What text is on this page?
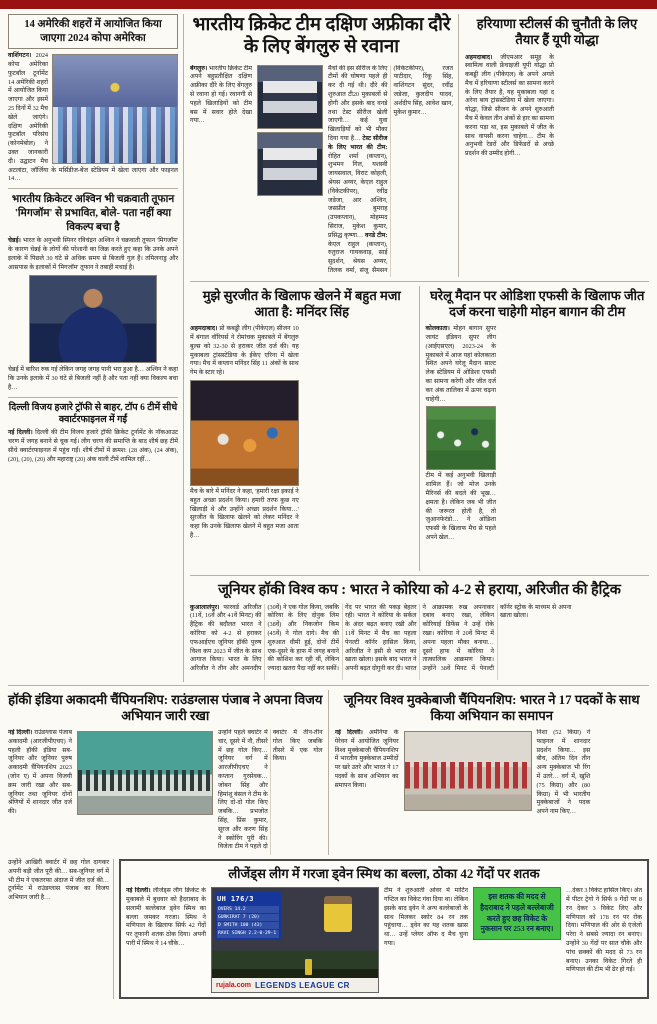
14 अमेरिकी शहरों में आयोजित किया जाएगा 2024 कोपा अमेरिका
वाशिंगटन। 2024 कोपा अमेरिका फुटबॉल टूर्नामेंट 14 अमेरिकी शहरों में आयोजित किया जाएगा और इसमें 25 दिनों में 32 मैच खेले जाएंगे। दक्षिण अमेरिकी फुटबॉल परिसंघ (कोनमेबोल) ने उक्त जानकारी दी। उद्घाटन मैच अटलांटा, जॉर्जिया के मर्सिडीज-बेंज स्टेडियम में खेला जाएगा और फाइनल 14…
भारतीय क्रिकेटर अश्विन भी चक्रवाती तूफान 'मिगजॉम' से प्रभावित, बोले- पता नहीं क्या विकल्प बचा है

चेन्नई। भारत के अनुभवी स्पिनर रविचंद्रन अश्विन ने चक्रवाती तूफान 'मिगजॉम' के कारण चेन्नई के लोगों की परेशानी का जिक्र करते हुए कहा कि उनके अपने इलाके में पिछले 30 घंटे से अधिक समय से बिजली गुल है। तमिलनाडु और आसपास के इलाकों में 'मिगजॉम' तूफान ने तबाही मचाई है।

चेन्नई में बारिश रुक गई लेकिन जगह जगह पानी भरा हुआ है… अश्विन ने कहा कि उनके इलाके में 30 घंटे से बिजली नहीं है और पता नहीं क्या विकल्प बचा है…

दिल्ली विजय हजारे ट्रॉफी से बाहर, टॉप 6 टीमें सीधे क्वार्टरफाइनल में गईं

नई दिल्ली। दिल्ली की टीम विजय हजारे ट्रॉफी क्रिकेट टूर्नामेंट के नॉकआउट चरण में जगह बनाने से चूक गई। लीग चरण की समाप्ति के बाद शीर्ष छह टीमें सीधे क्वार्टरफाइनल में पहुंच गईं। शीर्ष टीमों में क्रमश: (28 अंक), (24 अंक), (20), (20), (20) और महाराष्ट्र (20) अंक वाली टीमें शामिल रहीं…

भारतीय क्रिकेट टीम दक्षिण अफ्रीका दौरे के लिए बेंगलुरु से रवाना

बेंगलुरु। भारतीय क्रिकेट टीम अपने बहुप्रतीक्षित दक्षिण अफ्रीका दौरे के लिए बेंगलुरु से रवाना हो गई। रवानगी से पहले खिलाड़ियों को टीम बस में सवार होते देखा गया…

मैचों की इस सीरीज के लिए टीमों की घोषणा पहले ही कर दी गई थी। दौरे की शुरुआत टी20 मुकाबलों से होगी और इसके बाद वनडे तथा टेस्ट सीरीज खेली जाएगी… कई युवा खिलाड़ियों को भी मौका दिया गया है… टेस्ट सीरीज के लिए भारत की टीम: रोहित शर्मा (कप्तान), शुभमन गिल, यशस्वी जायसवाल, विराट कोहली, श्रेयस अय्यर, केएल राहुल (विकेटकीपर), रवींद्र जडेजा, आर अश्विन, जसप्रीत बुमराह (उपकप्तान), मोहम्मद सिराज, मुकेश कुमार, प्रसिद्ध कृष्णा… वनडे टीम: केएल राहुल (कप्तान), रुतुराज गायकवाड़, साई सुदर्शन, श्रेयस अय्यर, तिलक वर्मा, संजू सैमसन (विकेटकीपर), रजत पाटीदार, रिंकू सिंह, वाशिंगटन सुंदर, रवींद्र जडेजा, कुलदीप यादव, अर्शदीप सिंह, आवेश खान, मुकेश कुमार…
हरियाणा स्टीलर्स की चुनौती के लिए तैयार हैं यूपी योद्धा
अहमदाबाद। जीएमआर समूह के स्वामित्व वाली फ्रेंचाइजी यूपी योद्धा प्रो कबड्डी लीग (पीकेएल) के अपने अगले मैच में हरियाणा स्टीलर्स का सामना करने के लिए तैयार है, यह मुकाबला यहां द अरेना बाय ट्रांसस्टेडिया में खेला जाएगा। योद्धा, जिसे सीजन के अपने शुरुआती मैच में केवल तीन अंकों से हार का सामना करना पड़ा था, इस मुकाबले में जीत के साथ वापसी करना चाहेगा… टीम के अनुभवी रेडरों और डिफेंडरों से अच्छे प्रदर्शन की उम्मीद होगी…
मुझे सुरजीत के खिलाफ खेलने में बहुत मजा आता है: मनिंदर सिंह
अहमदाबाद। प्रो कबड्डी लीग (पीकेएल) सीजन 10 में बंगाल वॉरियर्स ने रोमांचक मुकाबले में बेंगलुरु बुल्स को 32-30 से हराकर जीत दर्ज की। यह मुकाबला ट्रांसस्टेडिया के ईकेए एरिना में खेला गया। मैच में कप्तान मनिंदर सिंह 11 अंकों के साथ गेम के स्टार रहे।
मैच के बारे में मनिंदर ने कहा, 'हमारी रक्षा इकाई ने बहुत अच्छा प्रदर्शन किया। हमारी तरफ कुछ नए खिलाड़ी थे और उन्होंने अच्छा प्रदर्शन किया…' सुरजीत के खिलाफ खेलने को लेकर मनिंदर ने कहा कि उनके खिलाफ खेलने में बहुत मजा आता है…
घरेलू मैदान पर ओडिशा एफसी के खिलाफ जीत दर्ज करना चाहेगी मोहन बागान की टीम
कोलकाता। मोहन बागान सुपर जायंट इंडियन सुपर लीग (आईएसएल) 2023-24 के मुकाबले में आज यहां कोलकाता स्थित अपने घरेलू मैदान साल्ट लेक स्टेडियम में ओडिशा एफसी का सामना करेगी और जीत दर्ज कर अंक तालिका में ऊपर चढ़ना चाहेगी…
टीम में कई अनुभवी खिलाड़ी शामिल हैं। जो मोज उनके मैरिनर्स की बदले की भूख… क्षमता है। लेकिन जब भी जीत की जरूरत होती है, तो जुआनफेरंडो… ने ओडिशा एफसी के खिलाफ मैच से पहले अपने खेल…
जूनियर हॉकी विश्व कप : भारत ने कोरिया को 4-2 से हराया, अरिजीत की हैट्रिक
कुआलालंपुर। फारवर्ड अरिजीत (11वें, 16वें और 41वें मिनट) की हैट्रिक की बदौलत भारत ने कोरिया को 4-2 से हराकर एफआईएच जूनियर हॉकी पुरुष विश्व कप 2023 में जीत के साथ आगाज किया। भारत के लिए अरिजीत ने तीन और अमनदीप (30वें) ने एक गोल किया, जबकि कोरिया के लिए दोनुक लिम (38वें) और निकजोन किम (45वें) ने गोल दागे। मैच की शुरुआत धीमी हुई, दोनों टीमें एक-दूसरे के हाफ में जगह बनाने की कोशिश कर रही थीं, लेकिन ज्यादा खतरा पैदा नहीं कर सकीं। गेंद पर भारत की पकड़ बेहतर रही। भारत ने कोरिया के सर्कल के अंदर बढ़त बनाए रखी और 11वें मिनट में मैच का पहला पेनल्टी कॉर्नर हासिल किया, अरिजीत ने इसी से भारत का खाता खोला। इसके बाद भारत ने अपनी बढ़त दोगुनी कर दी। भारत ने आक्रामक रुख अपनाकर दबाव बनाए रखा, लेकिन कोरियाई डिफेंस ने उन्हें रोके रखा। कोरिया ने 20वें मिनट में अपना पहला मौका बनाया… दूसरे हाफ में कोरिया ने तात्कालिक आक्रमण किया। उन्होंने 38वें मिनट में पेनल्टी कॉर्नर स्ट्रोक के माध्यम से अपना खाता खोला।
हॉकी इंडिया अकादमी चैंपियनशिप: राउंडग्लास पंजाब ने अपना विजय अभियान जारी रखा

नई दिल्ली। राउंडग्लास पंजाब अकादमी (आरजीपीएचए) ने पहली हॉकी इंडिया सब-जूनियर और जूनियर पुरुष अकादमी चैंपियनशिप 2023 (जोन ए) में अपना विजयी क्रम जारी रखा और सब-जूनियर तथा जूनियर दोनों श्रेणियों में शानदार जीत दर्ज की।

उन्होंने पहले क्वार्टर में चार, दूसरे में नौ, तीसरे में छह गोल किए… जूनियर वर्ग में आरजीपीएचए ने कप्तान गुरसेवक… जोबन सिंह और हिमांशु बंसल ने टीम के लिए दो-दो गोल किए जबकि… प्रभजोत सिंह, प्रिंस कुमार, सूरज और करण सिंह ने स्कोरिंग पूरी की। विजेता टीम ने पहले दो क्वार्टर में तीन-तीन गोल किए जबकि तीसरे में एक गोल किया।
जूनियर विश्व मुक्केबाजी चैंपियनशिप: भारत ने 17 पदकों के साथ किया अभियान का समापन

नई दिल्ली। अर्मेनिया के येरेवन में आयोजित जूनियर विश्व मुक्केबाजी चैंपियनशिप में भारतीय मुक्केबाज उम्मीदों पर खरे उतरे और भारत ने 17 पदकों के साथ अभियान का समापन किया।

निशा (52 किग्रा) ने फाइनल में शानदार प्रदर्शन किया… इस बीच, अंतिम दिन तीन अन्य मुक्केबाज भी रिंग में उतरे… वर्ग में, खुशि (75 किग्रा) और (80 किग्रा) में भी भारतीय मुक्केबाजों ने पदक अपने नाम किए…
उन्होंने आखिरी क्वार्टर में छह गोल दागकर अपनी बड़ी जीत पूरी की… सब-जूनियर वर्ग में भी टीम ने एकतरफा अंदाज में जीत दर्ज की… टूर्नामेंट में राउंडग्लास पंजाब का विजय अभियान जारी है…
लीजेंड्स लीग में गरजा ड्वेन स्मिथ का बल्ला, ठोका 42 गेंदों पर शतक

नई दिल्ली। लीजेंड्स लीग क्रिकेट के मुकाबले में बुधवार को हैदराबाद के सलामी बल्लेबाज ड्वेन स्मिथ का बल्ला जमकर गरजा। स्मिथ ने मणिपाल के खिलाफ सिर्फ 42 गेंदों पर तूफानी शतक ठोक दिया। अपनी पारी में स्मिथ ने 14 चौके…

UH 176/3
OVERS 14.2
GURKIRAT 7 (20)
D SMITH 100 (43)
RAVI SINGH 2.2-0-29-1
rujala.com LEGENDS LEAGUE CR

टीम ने शुरुआती ओवर में मार्टिन गप्टिल का विकेट गंवा दिया था। लेकिन इसके बाद ड्वेन ने अन्य बल्लेबाजों के साथ मिलकर स्कोर 84 रन तक पहुंचाया… ड्वेन का यह शतक खास था… उन्हें प्लेयर ऑफ द मैच चुना गया।

इस शतक की मदद से हैदराबाद ने पहले बल्लेबाजी करते हुए छह विकेट के नुकसान पर 253 रन बनाए।

…देकर 3 विकेट हासिल किए। अंत में पीटर ट्रेगो ने सिर्फ 9 गेंदों पर 8 रन देकर 3 विकेट लिए और मणिपाल को 178 रन पर रोक दिया। मणिपाल की ओर से एंजेलो परेरा ने सबसे ज्यादा रन बनाए। उन्होंने 30 गेंदों पर सात चौके और पांच छक्कों की मदद से 73 रन बनाए। उनका विकेट गिरते ही मणिपाल की टीम भी ढेर हो गई।
